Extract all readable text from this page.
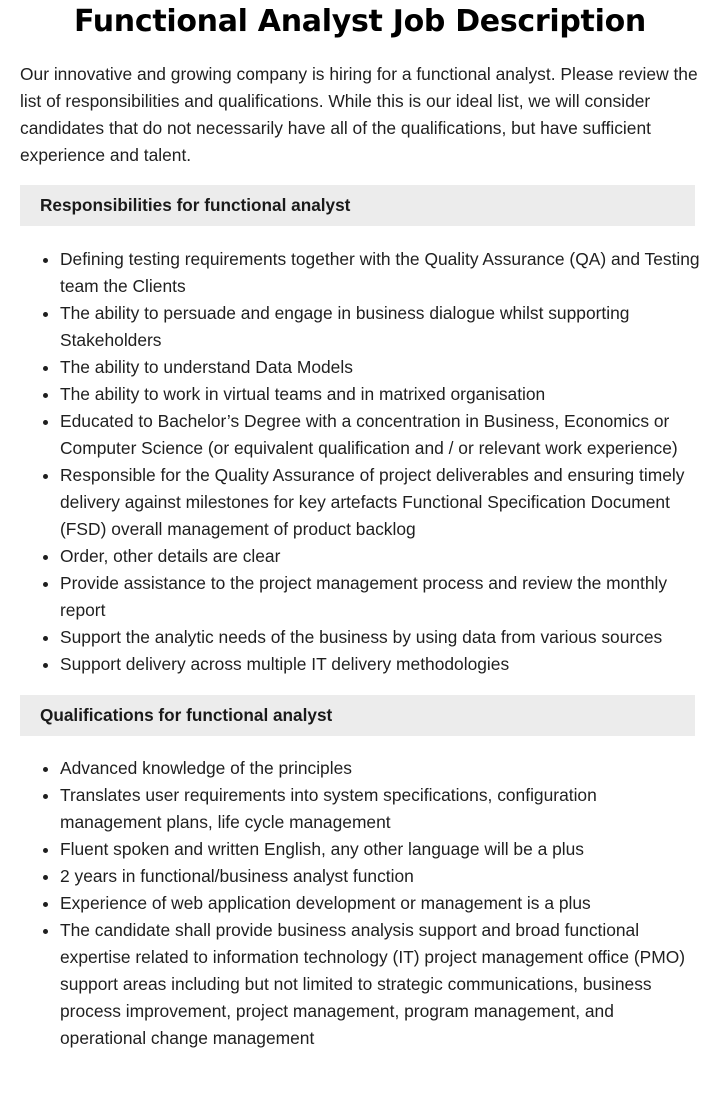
Functional Analyst Job Description

Our innovative and growing company is hiring for a functional analyst. Please review the list of responsibilities and qualifications. While this is our ideal list, we will consider candidates that do not necessarily have all of the qualifications, but have sufficient experience and talent.

Responsibilities for functional analyst
• Defining testing requirements together with the Quality Assurance (QA) and Testing team the Clients
• The ability to persuade and engage in business dialogue whilst supporting Stakeholders
• The ability to understand Data Models
• The ability to work in virtual teams and in matrixed organisation
• Educated to Bachelor’s Degree with a concentration in Business, Economics or Computer Science (or equivalent qualification and / or relevant work experience)
• Responsible for the Quality Assurance of project deliverables and ensuring timely delivery against milestones for key artefacts Functional Specification Document (FSD) overall management of product backlog
• Order, other details are clear
• Provide assistance to the project management process and review the monthly report
• Support the analytic needs of the business by using data from various sources
• Support delivery across multiple IT delivery methodologies
Qualifications for functional analyst
• Advanced knowledge of the principles
• Translates user requirements into system specifications, configuration management plans, life cycle management
• Fluent spoken and written English, any other language will be a plus
• 2 years in functional/business analyst function
• Experience of web application development or management is a plus
• The candidate shall provide business analysis support and broad functional expertise related to information technology (IT) project management office (PMO) support areas including but not limited to strategic communications, business process improvement, project management, program management, and operational change management
